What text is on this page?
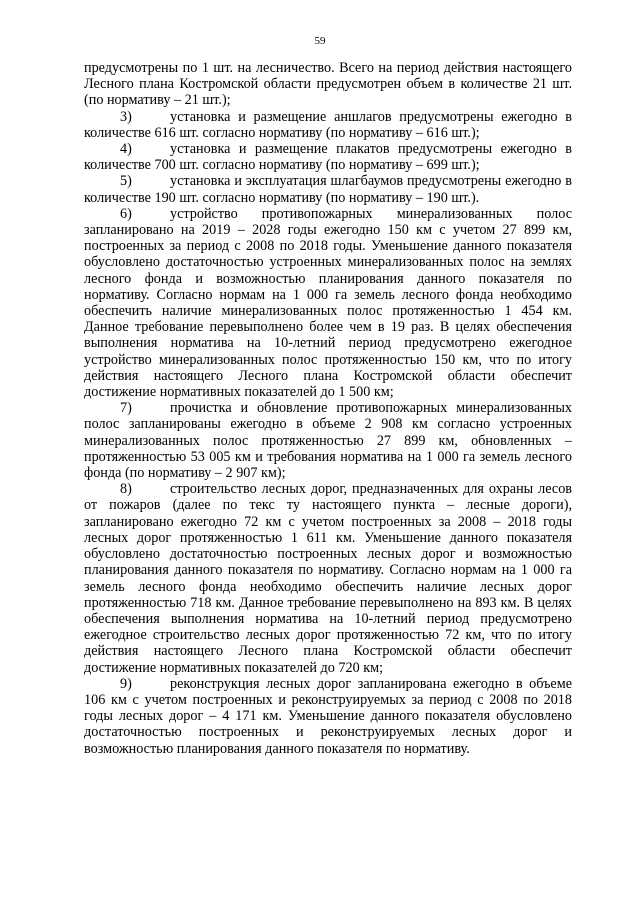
59

предусмотрены по 1 шт. на лесничество. Всего на период действия настоящего Лесного плана Костромской области предусмотрен объем в количестве 21 шт. (по нормативу – 21 шт.);

3)	установка и размещение аншлагов предусмотрены ежегодно в количестве 616 шт. согласно нормативу (по нормативу – 616 шт.);

4)	установка и размещение плакатов предусмотрены ежегодно в количестве 700 шт. согласно нормативу (по нормативу – 699 шт.);

5)	установка и эксплуатация шлагбаумов предусмотрены ежегодно в количестве 190 шт. согласно нормативу (по нормативу – 190 шт.).

6)	устройство противопожарных минерализованных полос запланировано на 2019 – 2028 годы ежегодно 150 км с учетом 27 899 км, построенных за период с 2008 по 2018 годы. Уменьшение данного показателя обусловлено достаточностью устроенных минерализованных полос на землях лесного фонда и возможностью планирования данного показателя по нормативу. Согласно нормам на 1 000 га земель лесного фонда необходимо обеспечить наличие минерализованных полос протяженностью 1 454 км. Данное требование перевыполнено более чем в 19 раз. В целях обеспечения выполнения норматива на 10-летний период предусмотрено ежегодное устройство минерализованных полос протяженностью 150 км, что по итогу действия настоящего Лесного плана Костромской области обеспечит достижение нормативных показателей до 1 500 км;

7)	прочистка и обновление противопожарных минерализованных полос запланированы ежегодно в объеме 2 908 км согласно устроенных минерализованных полос протяженностью 27 899 км, обновленных – протяженностью 53 005 км и требования норматива на 1 000 га земель лесного фонда (по нормативу – 2 907 км);

8)	строительство лесных дорог, предназначенных для охраны лесов от пожаров (далее по текс ту настоящего пункта – лесные дороги), запланировано ежегодно 72 км с учетом построенных за 2008 – 2018 годы лесных дорог протяженностью 1 611 км. Уменьшение данного показателя обусловлено достаточностью построенных лесных дорог и возможностью планирования данного показателя по нормативу. Согласно нормам на 1 000 га земель лесного фонда необходимо обеспечить наличие лесных дорог протяженностью 718 км. Данное требование перевыполнено на 893 км. В целях обеспечения выполнения норматива на 10-летний период предусмотрено ежегодное строительство лесных дорог протяженностью 72 км, что по итогу действия настоящего Лесного плана Костромской области обеспечит достижение нормативных показателей до 720 км;

9)	реконструкция лесных дорог запланирована ежегодно в объеме 106 км с учетом построенных и реконструируемых за период с 2008 по 2018 годы лесных дорог – 4 171 км. Уменьшение данного показателя обусловлено достаточностью построенных и реконструируемых лесных дорог и возможностью планирования данного показателя по нормативу.
